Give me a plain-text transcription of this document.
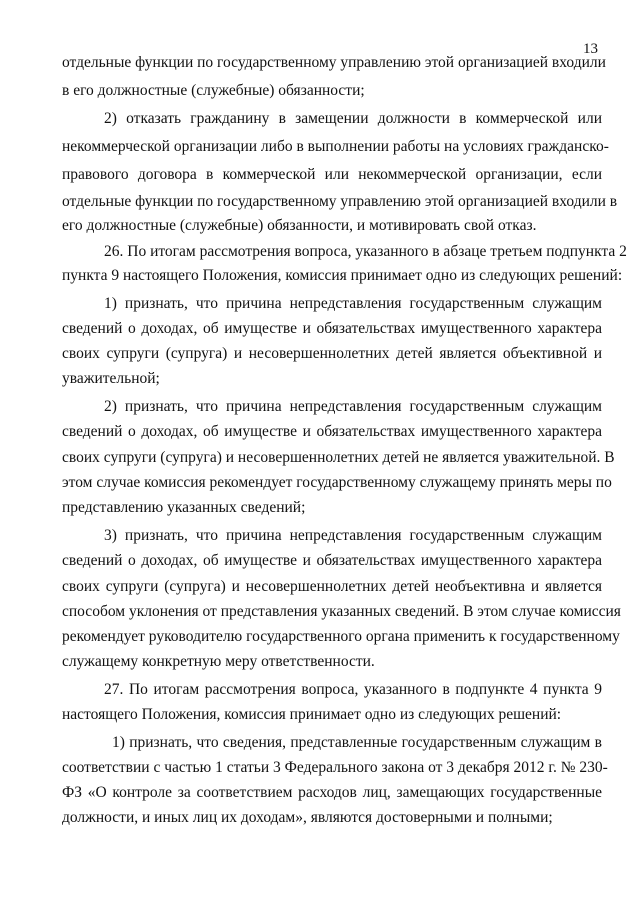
13
отдельные функции по государственному управлению этой организацией входили
в его должностные (служебные) обязанности;
2) отказать гражданину в замещении должности в коммерческой или
некоммерческой организации либо в выполнении работы на условиях гражданско-
правового договора в коммерческой или некоммерческой организации, если
отдельные функции по государственному управлению этой организацией входили в
его должностные (служебные) обязанности, и мотивировать свой отказ.
26. По итогам рассмотрения вопроса, указанного в абзаце третьем подпункта 2
пункта 9 настоящего Положения, комиссия принимает одно из следующих решений:
1) признать, что причина непредставления государственным служащим
сведений о доходах, об имуществе и обязательствах имущественного характера
своих супруги (супруга) и несовершеннолетних детей является объективной и
уважительной;
2) признать, что причина непредставления государственным служащим
сведений о доходах, об имуществе и обязательствах имущественного характера
своих супруги (супруга) и несовершеннолетних детей не является уважительной. В
этом случае комиссия рекомендует государственному служащему принять меры по
представлению указанных сведений;
3) признать, что причина непредставления государственным служащим
сведений о доходах, об имуществе и обязательствах имущественного характера
своих супруги (супруга) и несовершеннолетних детей необъективна и является
способом уклонения от представления указанных сведений. В этом случае комиссия
рекомендует руководителю государственного органа применить к государственному
служащему конкретную меру ответственности.
27. По итогам рассмотрения вопроса, указанного в подпункте 4 пункта 9
настоящего Положения, комиссия принимает одно из следующих решений:
1) признать, что сведения, представленные государственным служащим в
соответствии с частью 1 статьи 3 Федерального закона от 3 декабря 2012 г. № 230-
ФЗ «О контроле за соответствием расходов лиц, замещающих государственные
должности, и иных лиц их доходам», являются достоверными и полными;
